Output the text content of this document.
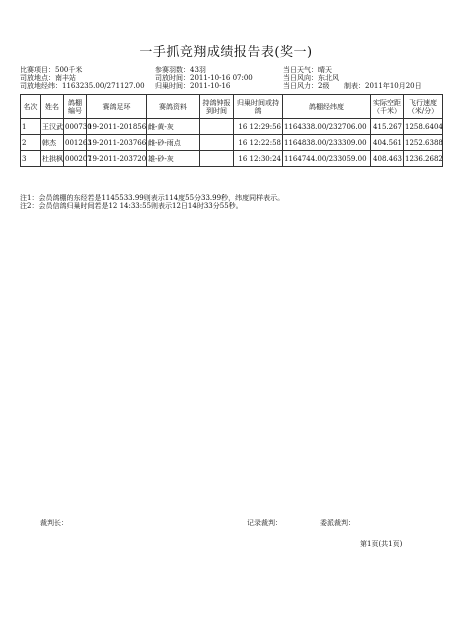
一手抓竞翔成绩报告表(奖一)
比赛项目：500千米	参赛羽数：43羽	当日天气：晴天
司放地点：南丰站	司放时间：2011-10-16 07:00	当日风向：东北风
司放地经纬：1163235.00/271127.00 归巢时间：2011-10-16	当日风力：2级 制表：2011年10月20日
名次	姓名	鸽棚编号	赛鸽足环	赛鸽资料	持鸽钟报到时间	归巢时间或持鸽	鸽棚经纬度	实际空距（千米）	飞行速度（米/分）
1	王汉武	000730	19-2011-201856	雌-黄-灰		16 12:29:56	1164338.00/232706.00	415.267	1258.6404
2	韩杰	001263	19-2011-203766	雌-砂-雨点		16 12:22:58	1164838.00/233309.00	404.561	1252.6388
3	杜拱枫	000207	19-2011-203720	雄-砂-灰		16 12:30:24	1164744.00/233059.00	408.463	1236.2682
注1：会员鸽棚的东经若是1145533.99则表示114度55分33.99秒，纬度同样表示。
注2：会员信鸽归巢时间若是12 14:33:55则表示12日14时33分55秒。
裁判长：	记录裁判：	委派裁判：
第1页(共1页)
